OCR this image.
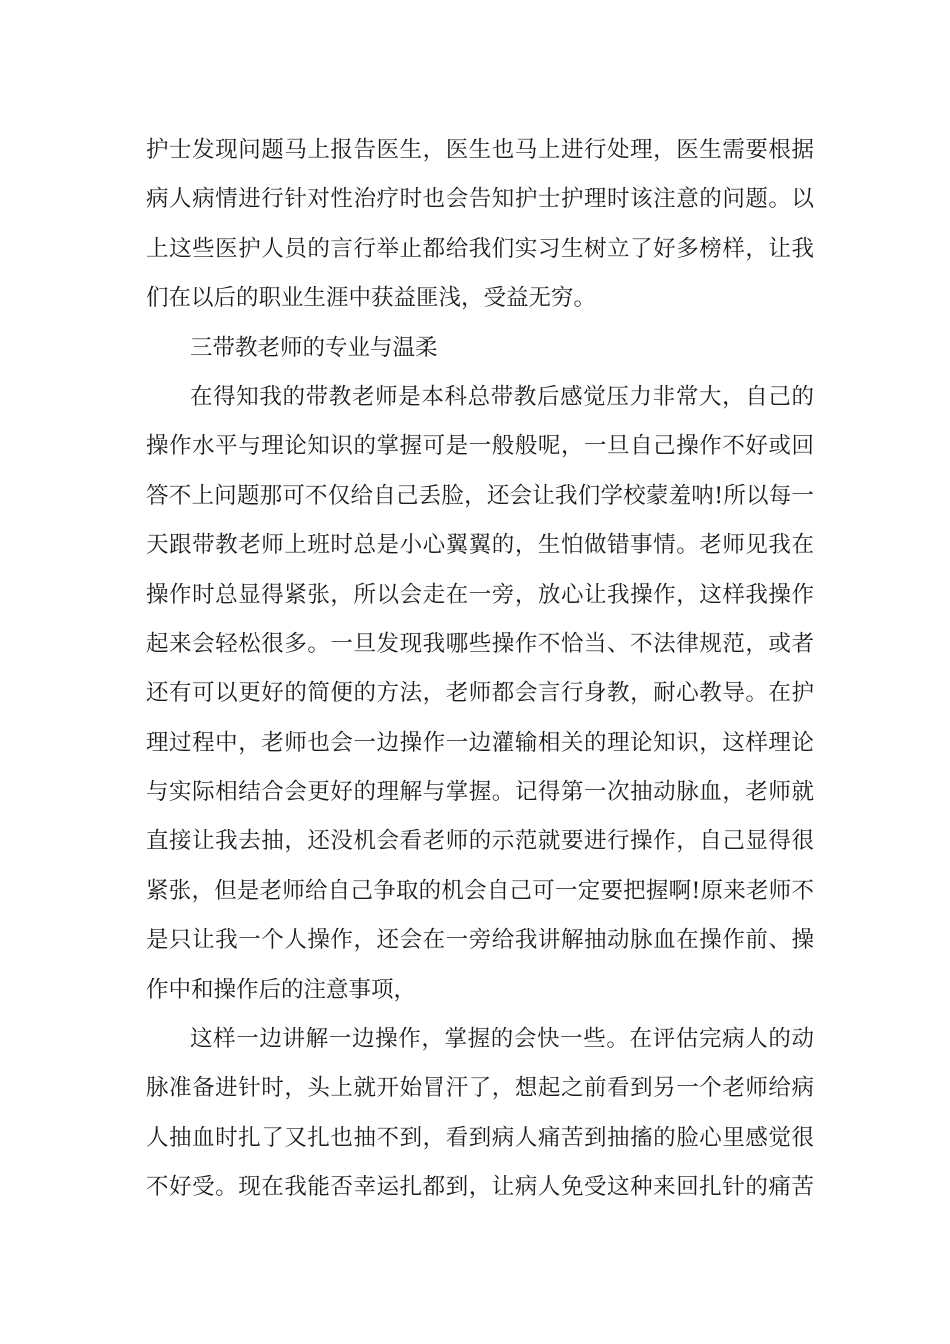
护士发现问题马上报告医生，医生也马上进行处理，医生需要根据
病人病情进行针对性治疗时也会告知护士护理时该注意的问题。以
上这些医护人员的言行举止都给我们实习生树立了好多榜样，让我
们在以后的职业生涯中获益匪浅，受益无穷。
三带教老师的专业与温柔
在得知我的带教老师是本科总带教后感觉压力非常大，自己的
操作水平与理论知识的掌握可是一般般呢，一旦自己操作不好或回
答不上问题那可不仅给自己丢脸，还会让我们学校蒙羞呐!所以每一
天跟带教老师上班时总是小心翼翼的，生怕做错事情。老师见我在
操作时总显得紧张，所以会走在一旁，放心让我操作，这样我操作
起来会轻松很多。一旦发现我哪些操作不恰当、不法律规范，或者
还有可以更好的简便的方法，老师都会言行身教，耐心教导。在护
理过程中，老师也会一边操作一边灌输相关的理论知识，这样理论
与实际相结合会更好的理解与掌握。记得第一次抽动脉血，老师就
直接让我去抽，还没机会看老师的示范就要进行操作，自己显得很
紧张，但是老师给自己争取的机会自己可一定要把握啊!原来老师不
是只让我一个人操作，还会在一旁给我讲解抽动脉血在操作前、操
作中和操作后的注意事项，
这样一边讲解一边操作，掌握的会快一些。在评估完病人的动
脉准备进针时，头上就开始冒汗了，想起之前看到另一个老师给病
人抽血时扎了又扎也抽不到，看到病人痛苦到抽搐的脸心里感觉很
不好受。现在我能否幸运扎都到，让病人免受这种来回扎针的痛苦
